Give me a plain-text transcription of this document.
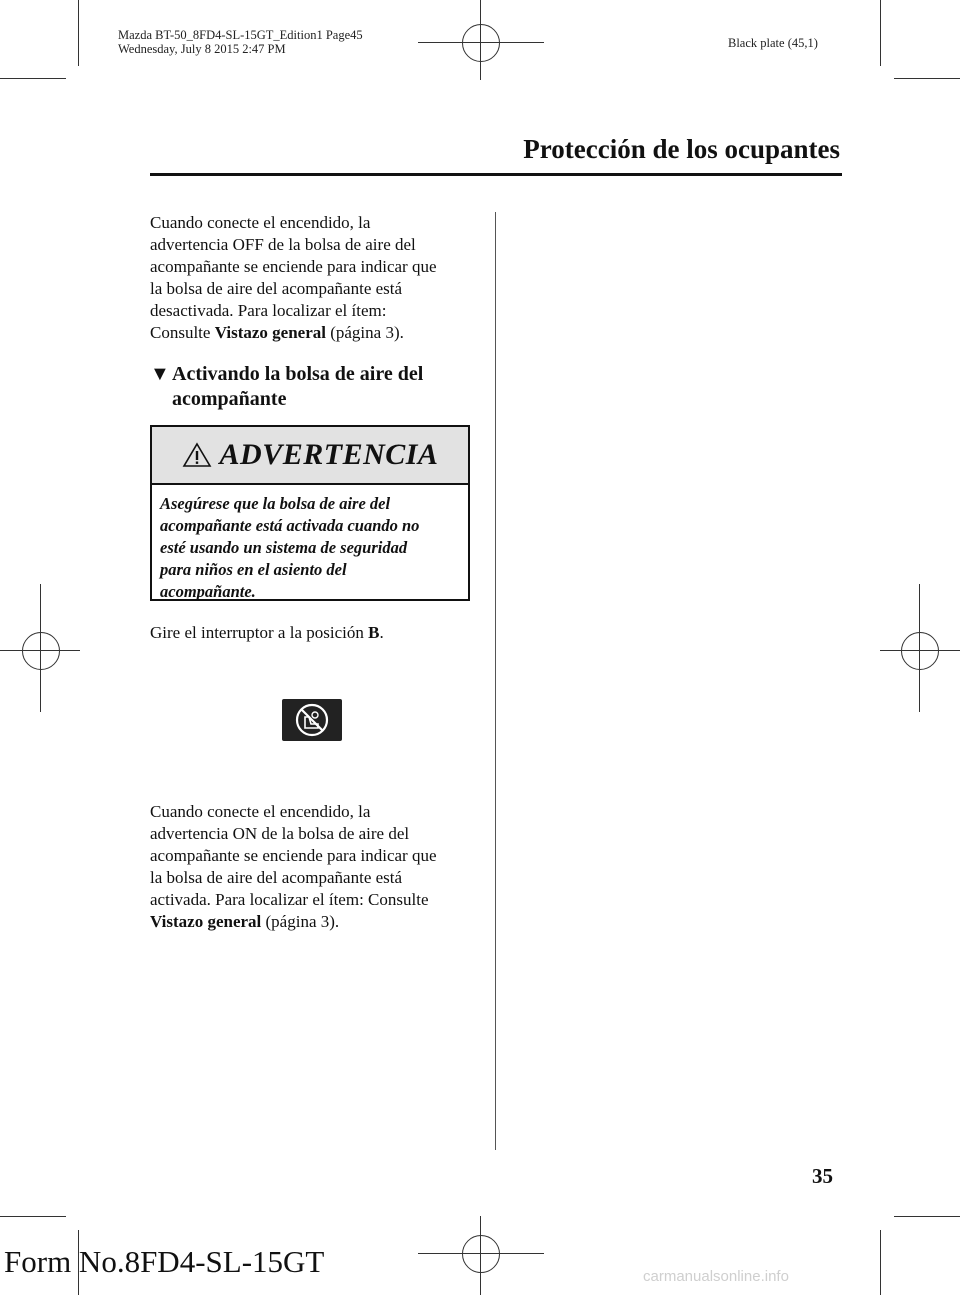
Mazda BT-50_8FD4-SL-15GT_Edition1 Page45
Wednesday, July 8 2015 2:47 PM	Black plate (45,1)
Protección de los ocupantes

Cuando conecte el encendido, la

advertencia OFF de la bolsa de aire del

acompañante se enciende para indicar que

la bolsa de aire del acompañante está

desactivada. Para localizar el ítem:

Consulte Vistazo general (página 3).

▼ Activando la bolsa de aire del
acompañante
ADVERTENCIA
Asegúrese que la bolsa de aire del
acompañante está activada cuando no
esté usando un sistema de seguridad
para niños en el asiento del
acompañante.

Gire el interruptor a la posición B.

Cuando conecte el encendido, la

advertencia ON de la bolsa de aire del

acompañante se enciende para indicar que

la bolsa de aire del acompañante está

activada. Para localizar el ítem: Consulte

Vistazo general (página 3).

35
Form No.8FD4-SL-15GT	carmanualsonline.info
